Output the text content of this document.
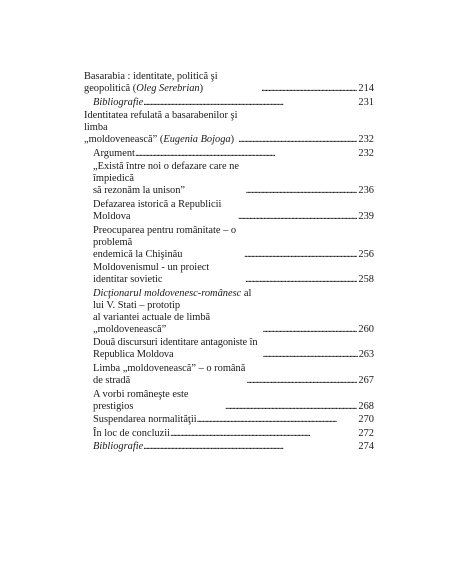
Basarabia : identitate, politică şi geopolitică (Oleg Serebrian) . . .	214
Bibliografie . . .	231
Identitatea refulată a basarabenilor şi limba
„moldovenească” (Eugenia Bojoga) . . .	232
Argument . . .	232
„Există între noi o defazare care ne împiedică
să rezonăm la unison” . . .	236
Defazarea istorică a Republicii Moldova . . .	239
Preocuparea pentru românitate – o problemă
endemică la Chişinău . . .	256
Moldovenismul - un proiect identitar sovietic . . .	258
Dicţionarul moldovenesc-românesc al lui V. Stati – prototip
al variantei actuale de limbă „moldovenească” . . .	260
Două discursuri identitare antagoniste în Republica Moldova . . .	263
Limba „moldovenească” – o română de stradă . . .	267
A vorbi româneşte este prestigios . . .	268
Suspendarea normalităţii . . .	270
În loc de concluzii . . .	272
Bibliografie . . .	274
